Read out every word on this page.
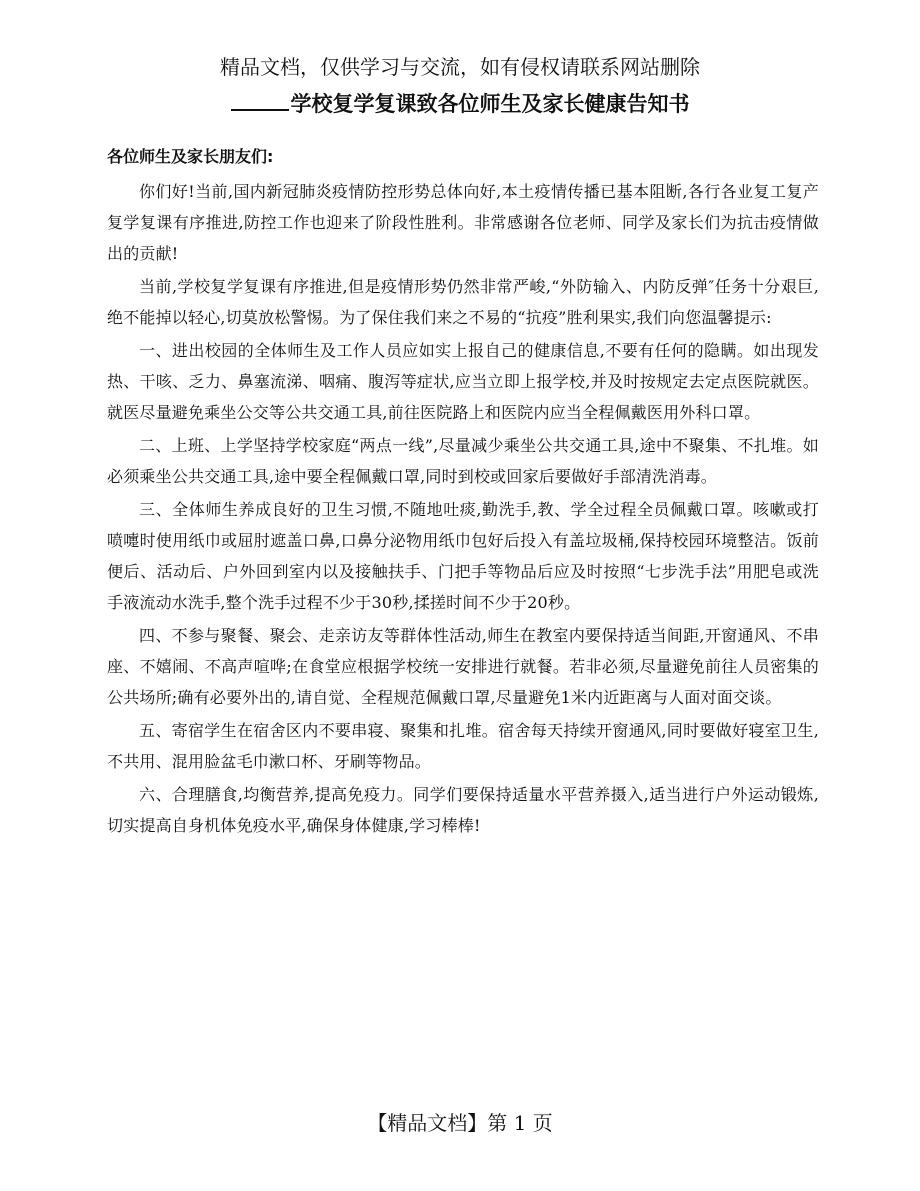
精品文档，仅供学习与交流，如有侵权请联系网站删除
学校复学复课致各位师生及家长健康告知书
各位师生及家长朋友们:

你们好!当前,国内新冠肺炎疫情防控形势总体向好,本土疫情传播已基本阻断,各行各业复工复产复学复课有序推进,防控工作也迎来了阶段性胜利。非常感谢各位老师、同学及家长们为抗击疫情做出的贡献!

当前,学校复学复课有序推进,但是疫情形势仍然非常严峻,“外防输入、内防反弹″任务十分艰巨,绝不能掉以轻心,切莫放松警惕。为了保住我们来之不易的“抗疫”胜利果实,我们向您温馨提示:

一、进出校园的全体师生及工作人员应如实上报自己的健康信息,不要有任何的隐瞒。如出现发热、干咳、乏力、鼻塞流涕、咽痛、腹泻等症状,应当立即上报学校,并及时按规定去定点医院就医。就医尽量避免乘坐公交等公共交通工具,前往医院路上和医院内应当全程佩戴医用外科口罩。

二、上班、上学坚持学校家庭“两点一线”,尽量减少乘坐公共交通工具,途中不聚集、不扎堆。如必须乘坐公共交通工具,途中要全程佩戴口罩,同时到校或回家后要做好手部清洗消毒。

三、全体师生养成良好的卫生习惯,不随地吐痰,勤洗手,教、学全过程全员佩戴口罩。咳嗽或打喷嚏时使用纸巾或屈肘遮盖口鼻,口鼻分泌物用纸巾包好后投入有盖垃圾桶,保持校园环境整洁。饭前便后、活动后、户外回到室内以及接触扶手、门把手等物品后应及时按照“七步洗手法”用肥皂或洗手液流动水洗手,整个洗手过程不少于30秒,揉搓时间不少于20秒。

四、不参与聚餐、聚会、走亲访友等群体性活动,师生在教室内要保持适当间距,开窗通风、不串座、不嬉闹、不高声喧哗;在食堂应根据学校统一安排进行就餐。若非必须,尽量避免前往人员密集的公共场所;确有必要外出的,请自觉、全程规范佩戴口罩,尽量避免1米内近距离与人面对面交谈。

五、寄宿学生在宿舍区内不要串寝、聚集和扎堆。宿舍每天持续开窗通风,同时要做好寝室卫生,不共用、混用脸盆毛巾漱口杯、牙刷等物品。

六、合理膳食,均衡营养,提高免疫力。同学们要保持适量水平营养摄入,适当进行户外运动锻炼,切实提高自身机体免疫水平,确保身体健康,学习棒棒!

【精品文档】第 1 页
